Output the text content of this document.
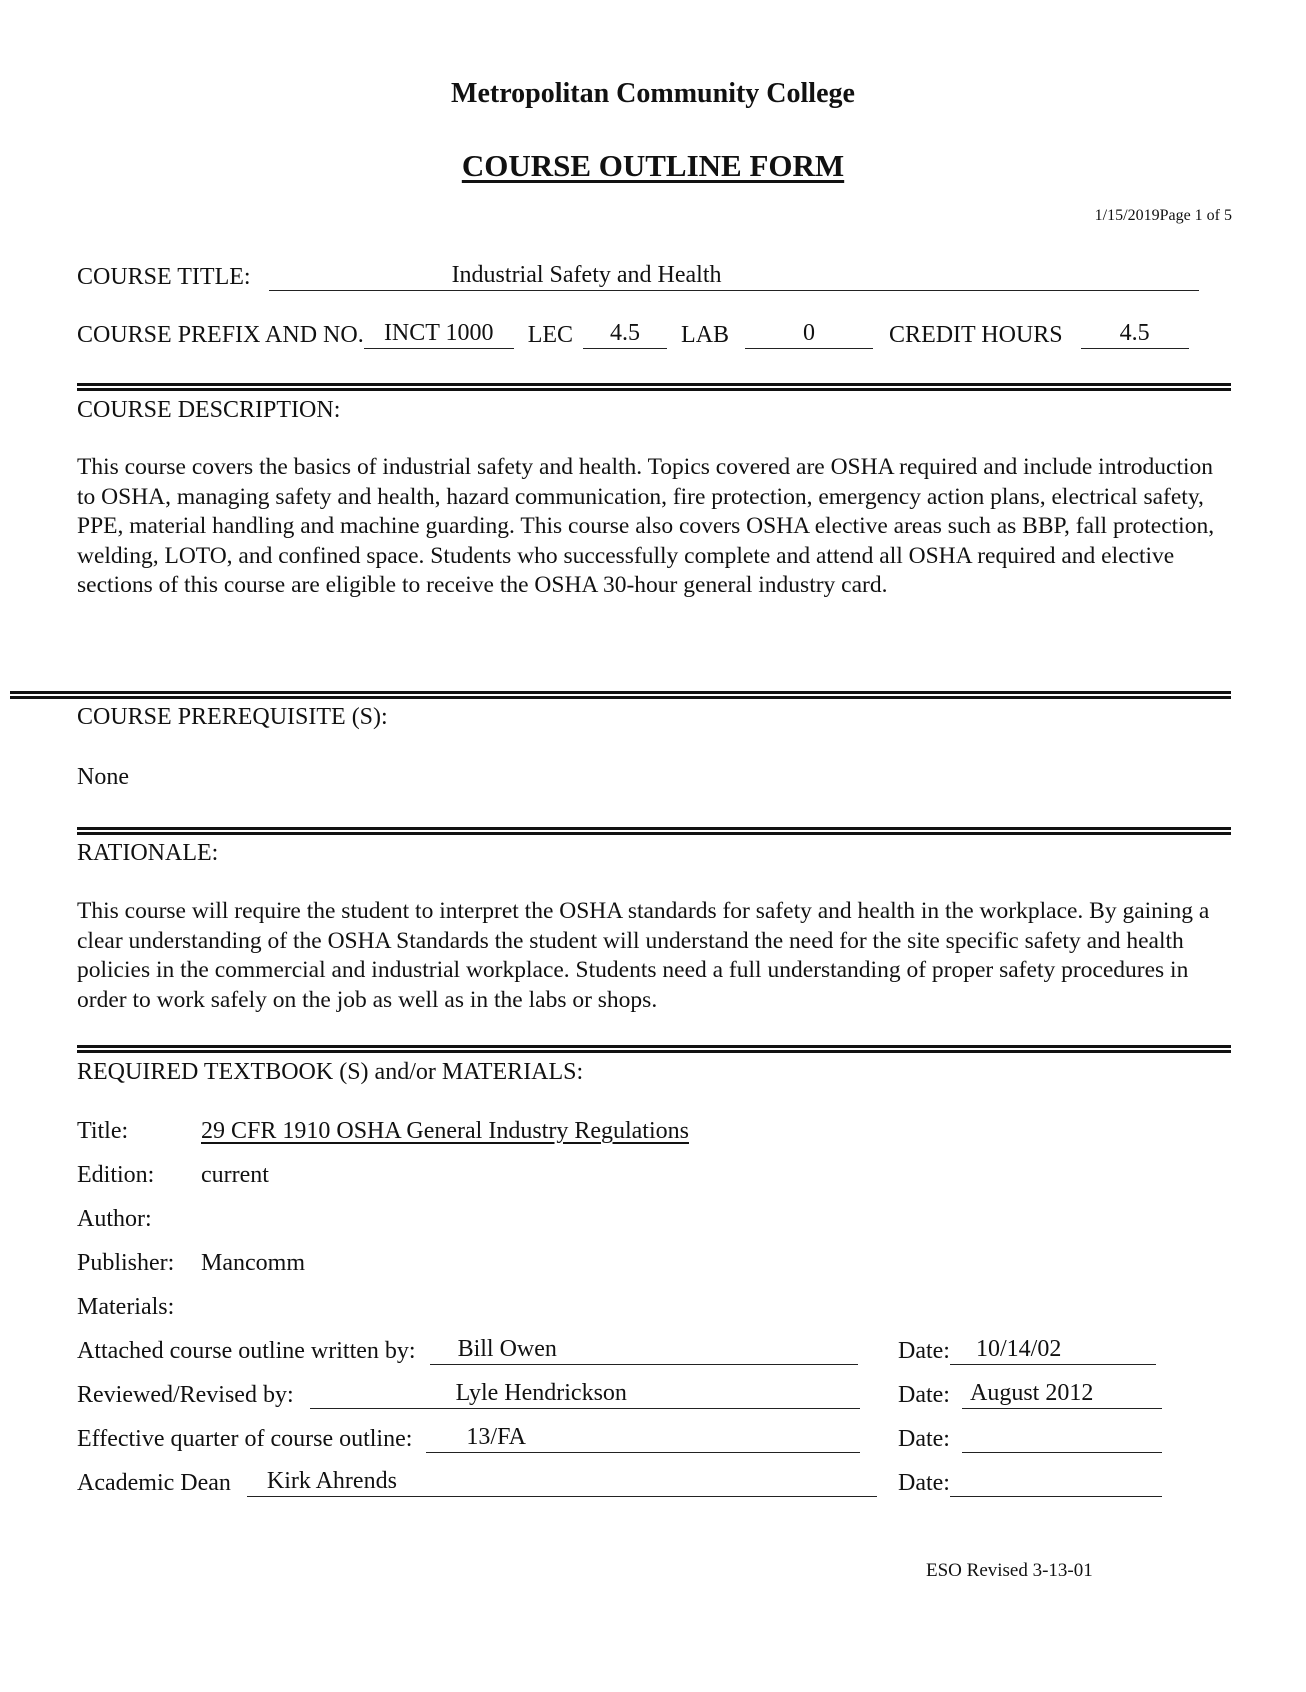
Metropolitan Community College
COURSE OUTLINE FORM
1/15/2019Page 1 of 5
COURSE TITLE:	Industrial Safety and Health
COURSE PREFIX AND NO. INCT 1000 LEC 4.5 LAB	0	CREDIT HOURS 4.5
COURSE DESCRIPTION:
This course covers the basics of industrial safety and health. Topics covered are OSHA required and include introduction to OSHA, managing safety and health, hazard communication, fire protection, emergency action plans, electrical safety, PPE, material handling and machine guarding. This course also covers OSHA elective areas such as BBP, fall protection, welding, LOTO, and confined space. Students who successfully complete and attend all OSHA required and elective sections of this course are eligible to receive the OSHA 30-hour general industry card.
COURSE PREREQUISITE (S):
None
RATIONALE:
This course will require the student to interpret the OSHA standards for safety and health in the workplace. By gaining a clear understanding of the OSHA Standards the student will understand the need for the site specific safety and health policies in the commercial and industrial workplace. Students need a full understanding of proper safety procedures in order to work safely on the job as well as in the labs or shops.
REQUIRED TEXTBOOK (S) and/or MATERIALS:
Title:	29 CFR 1910 OSHA General Industry Regulations
Edition: current
Author:
Publisher: Mancomm
Materials:
Attached course outline written by: Bill Owen	Date: 10/14/02
Reviewed/Revised by:	Lyle Hendrickson	Date: August 2012
Effective quarter of course outline: 13/FA	Date:
Academic Dean Kirk Ahrends	Date:
ESO Revised 3-13-01
